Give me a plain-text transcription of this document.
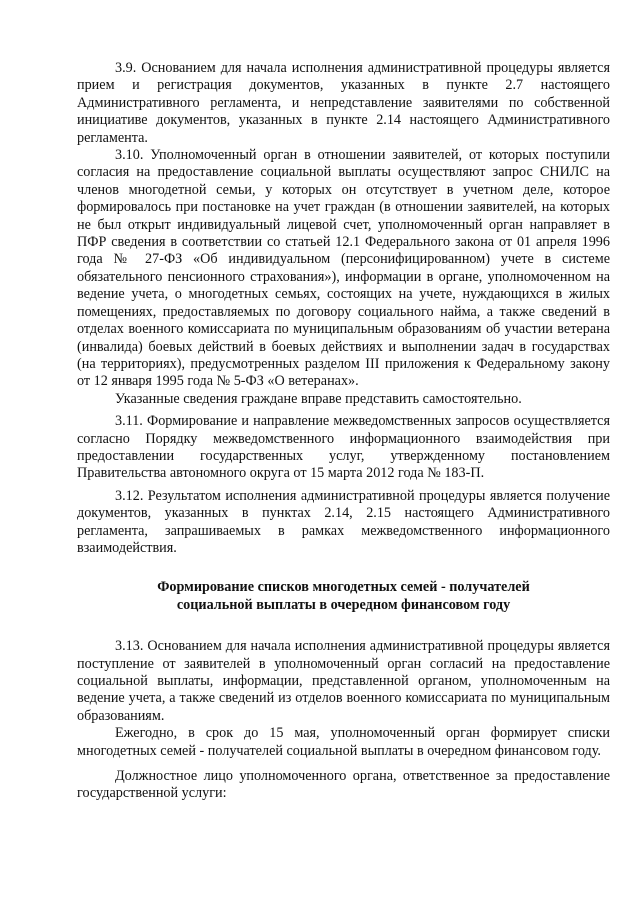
3.9. Основанием для начала исполнения административной процедуры является прием и регистрация документов, указанных в пункте 2.7 настоящего Административного регламента, и непредставление заявителями по собственной инициативе документов, указанных в пункте 2.14 настоящего Административного регламента.

3.10. Уполномоченный орган в отношении заявителей, от которых поступили согласия на предоставление социальной выплаты осуществляют запрос СНИЛС на членов многодетной семьи, у которых он отсутствует в учетном деле, которое формировалось при постановке на учет граждан (в отношении заявителей, на которых не был открыт индивидуальный лицевой счет, уполномоченный орган направляет в ПФР сведения в соответствии со статьей 12.1 Федерального закона от 01 апреля 1996 года № 27-ФЗ «Об индивидуальном (персонифицированном) учете в системе обязательного пенсионного страхования»), информации в органе, уполномоченном на ведение учета, о многодетных семьях, состоящих на учете, нуждающихся в жилых помещениях, предоставляемых по договору социального найма, а также сведений в отделах военного комиссариата по муниципальным образованиям об участии ветерана (инвалида) боевых действий в боевых действиях и выполнении задач в государствах (на территориях), предусмотренных разделом III приложения к Федеральному закону от 12 января 1995 года № 5-ФЗ «О ветеранах».

Указанные сведения граждане вправе представить самостоятельно.

3.11. Формирование и направление межведомственных запросов осуществляется согласно Порядку межведомственного информационного взаимодействия при предоставлении государственных услуг, утвержденному постановлением Правительства автономного округа от 15 марта 2012 года № 183-П.

3.12. Результатом исполнения административной процедуры является получение документов, указанных в пунктах 2.14, 2.15 настоящего Административного регламента, запрашиваемых в рамках межведомственного информационного взаимодействия.

Формирование списков многодетных семей - получателей
социальной выплаты в очередном финансовом году

3.13. Основанием для начала исполнения административной процедуры является поступление от заявителей в уполномоченный орган согласий на предоставление социальной выплаты, информации, представленной органом, уполномоченным на ведение учета, а также сведений из отделов военного комиссариата по муниципальным образованиям.

Ежегодно, в срок до 15 мая, уполномоченный орган формирует списки многодетных семей - получателей социальной выплаты в очередном финансовом году.

Должностное лицо уполномоченного органа, ответственное за предоставление государственной услуги:
